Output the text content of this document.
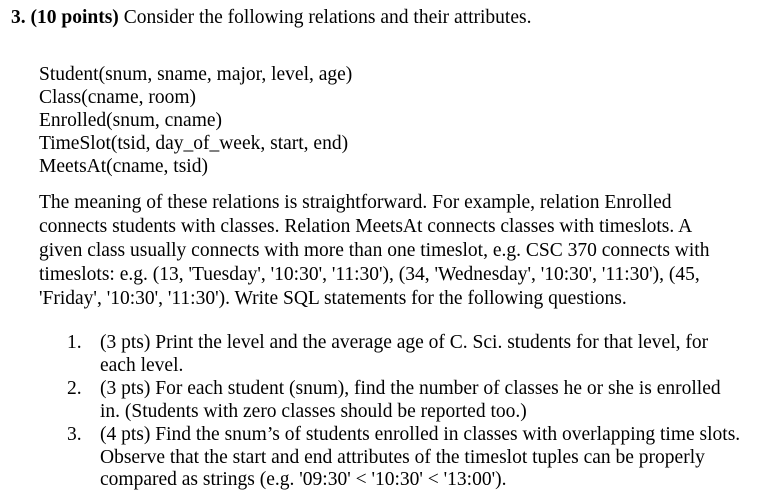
3. (10 points) Consider the following relations and their attributes.
Student(snum, sname, major, level, age)
Class(cname, room)
Enrolled(snum, cname)
TimeSlot(tsid, day_of_week, start, end)
MeetsAt(cname, tsid)
The meaning of these relations is straightforward. For example, relation Enrolled
connects students with classes. Relation MeetsAt connects classes with timeslots. A
given class usually connects with more than one timeslot, e.g. CSC 370 connects with
timeslots: e.g. (13, 'Tuesday', '10:30', '11:30'), (34, 'Wednesday', '10:30', '11:30'), (45,
'Friday', '10:30', '11:30'). Write SQL statements for the following questions.
1. (3 pts) Print the level and the average age of C. Sci. students for that level, for
each level.
2. (3 pts) For each student (snum), find the number of classes he or she is enrolled
in. (Students with zero classes should be reported too.)
3. (4 pts) Find the snum’s of students enrolled in classes with overlapping time slots.
Observe that the start and end attributes of the timeslot tuples can be properly
compared as strings (e.g. '09:30' < '10:30' < '13:00').
